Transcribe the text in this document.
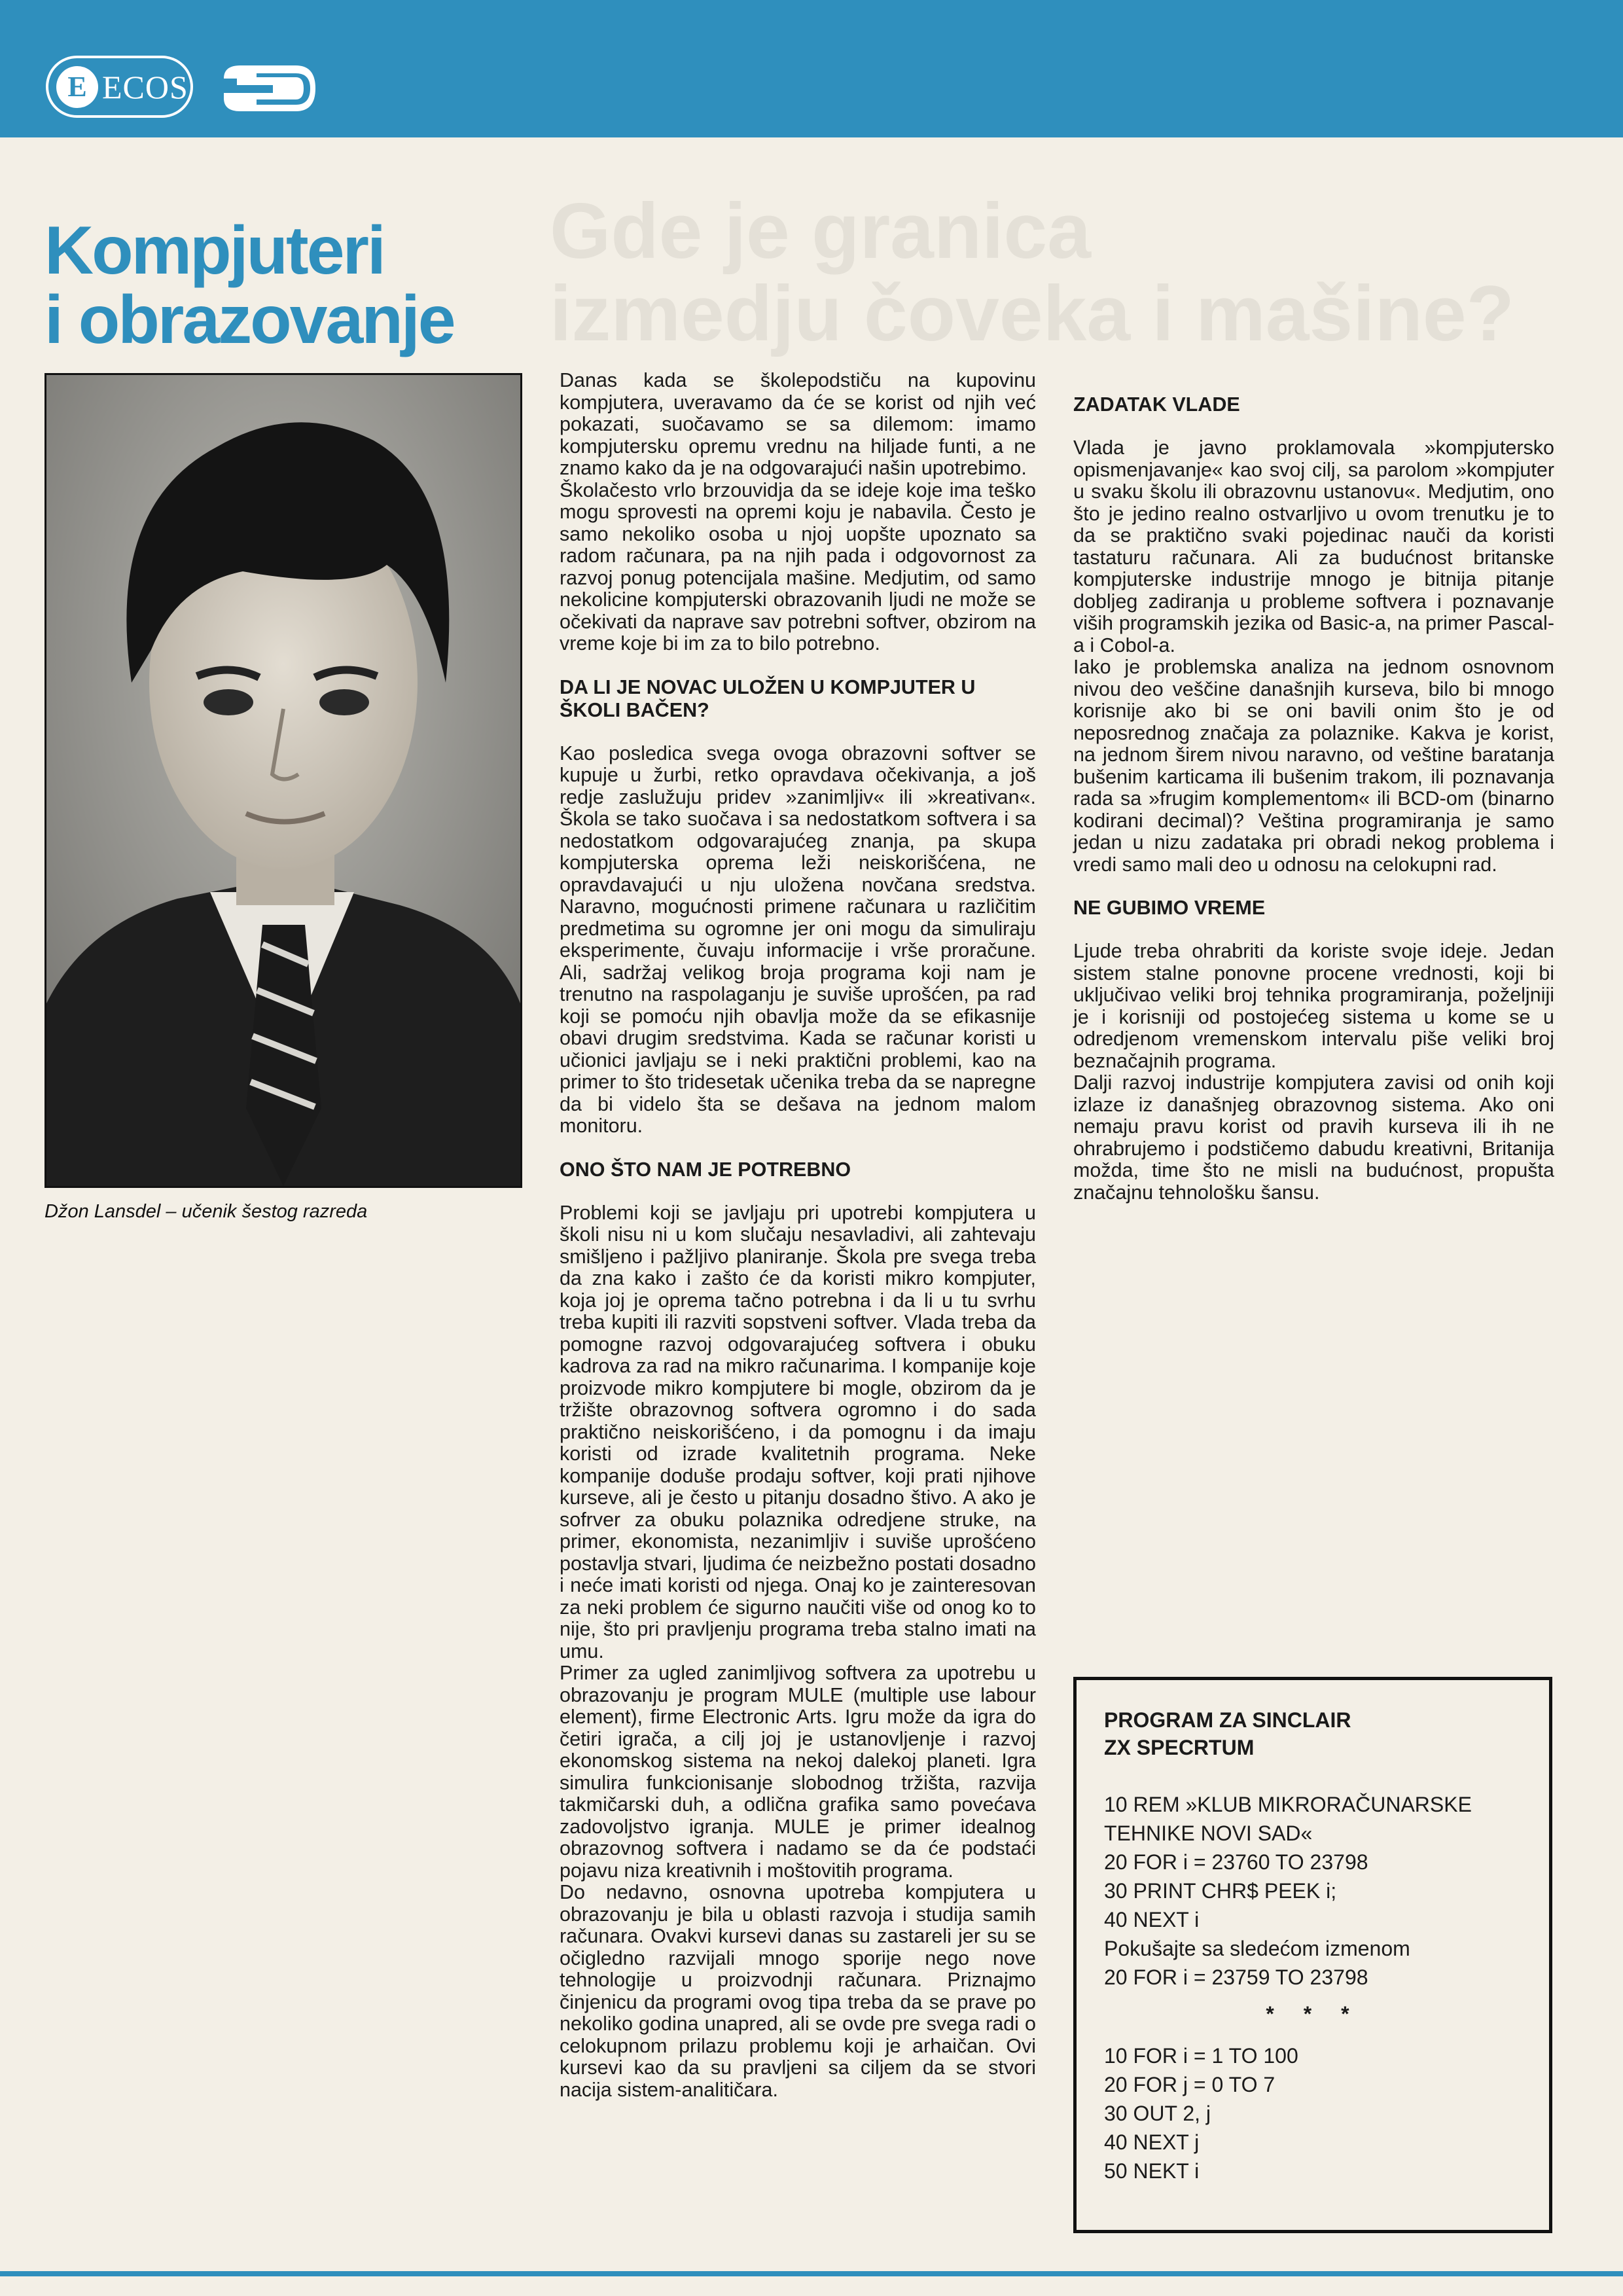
E ECOS
Gde je granica
izmedju čoveka i mašine?
Kompjuteri
i obrazovanje
Džon Lansdel – učenik šestog razreda

Danas kada se školepodstiču na kupovinu kompjutera, uveravamo da će se korist od njih već pokazati, suočavamo se sa dilemom: imamo kompjutersku opremu vrednu na hiljade funti, a ne znamo kako da je na odgovarajući našin upotrebimo.

Školačesto vrlo brzouvidja da se ideje koje ima teško mogu sprovesti na opremi koju je nabavila. Često je samo nekoliko osoba u njoj uopšte upoznato sa radom računara, pa na njih pada i odgovornost za razvoj ponug potencijala mašine. Medjutim, od samo nekolicine kompjuterski obrazovanih ljudi ne može se očekivati da naprave sav potrebni softver, obzirom na vreme koje bi im za to bilo potrebno.

DA LI JE NOVAC ULOŽEN U KOMPJUTER U ŠKOLI BAČEN?

Kao posledica svega ovoga obrazovni softver se kupuje u žurbi, retko opravdava očekivanja, a još redje zaslužuju pridev »zanimljiv« ili »kreativan«. Škola se tako suočava i sa nedostatkom softvera i sa nedostatkom odgovarajućeg znanja, pa skupa kompjuterska oprema leži neiskorišćena, ne opravdavajući u nju uložena novčana sredstva. Naravno, mogućnosti primene računara u različitim predmetima su ogromne jer oni mogu da simuliraju eksperimente, čuvaju informacije i vrše proračune. Ali, sadržaj velikog broja programa koji nam je trenutno na raspolaganju je suviše uprošćen, pa rad koji se pomoću njih obavlja može da se efikasnije obavi drugim sredstvima. Kada se računar koristi u učionici javljaju se i neki praktični problemi, kao na primer to što tridesetak učenika treba da se napregne da bi videlo šta se dešava na jednom malom monitoru.

ONO ŠTO NAM JE POTREBNO

Problemi koji se javljaju pri upotrebi kompjutera u školi nisu ni u kom slučaju nesavladivi, ali zahtevaju smišljeno i pažljivo planiranje. Škola pre svega treba da zna kako i zašto će da koristi mikro kompjuter, koja joj je oprema tačno potrebna i da li u tu svrhu treba kupiti ili razviti sopstveni softver. Vlada treba da pomogne razvoj odgovarajućeg softvera i obuku kadrova za rad na mikro računarima. I kompanije koje proizvode mikro kompjutere bi mogle, obzirom da je tržište obrazovnog softvera ogromno i do sada praktično neiskorišćeno, i da pomognu i da imaju koristi od izrade kvalitetnih programa. Neke kompanije doduše prodaju softver, koji prati njihove kurseve, ali je često u pitanju dosadno štivo. A ako je sofrver za obuku polaznika odredjene struke, na primer, ekonomista, nezanimljiv i suviše uprošćeno postavlja stvari, ljudima će neizbežno postati dosadno i neće imati koristi od njega. Onaj ko je zainteresovan za neki problem će sigurno naučiti više od onog ko to nije, što pri pravljenju programa treba stalno imati na umu.

Primer za ugled zanimljivog softvera za upotrebu u obrazovanju je program MULE (multiple use labour element), firme Electronic Arts. Igru može da igra do četiri igrača, a cilj joj je ustanovljenje i razvoj ekonomskog sistema na nekoj dalekoj planeti. Igra simulira funkcionisanje slobodnog tržišta, razvija takmičarski duh, a odlična grafika samo povećava zadovoljstvo igranja. MULE je primer idealnog obrazovnog softvera i nadamo se da će podstaći pojavu niza kreativnih i moštovitih programa.

Do nedavno, osnovna upotreba kompjutera u obrazovanju je bila u oblasti razvoja i studija samih računara. Ovakvi kursevi danas su zastareli jer su se očigledno razvijali mnogo sporije nego nove tehnologije u proizvodnji računara. Priznajmo činjenicu da programi ovog tipa treba da se prave po nekoliko godina unapred, ali se ovde pre svega radi o celokupnom prilazu problemu koji je arhaičan. Ovi kursevi kao da su pravljeni sa ciljem da se stvori nacija sistem-analitičara.

ZADATAK VLADE

Vlada je javno proklamovala »kompjutersko opismenjavanje« kao svoj cilj, sa parolom »kompjuter u svaku školu ili obrazovnu ustanovu«. Medjutim, ono što je jedino realno ostvarljivo u ovom trenutku je to da se praktično svaki pojedinac nauči da koristi tastaturu računara. Ali za budućnost britanske kompjuterske industrije mnogo je bitnija pitanje dobljeg zadiranja u probleme softvera i poznavanje viših programskih jezika od Basic-a, na primer Pascal-a i Cobol-a.

Iako je problemska analiza na jednom osnovnom nivou deo veščine današnjih kurseva, bilo bi mnogo korisnije ako bi se oni bavili onim što je od neposrednog značaja za polaznike. Kakva je korist, na jednom širem nivou naravno, od veštine baratanja bušenim karticama ili bušenim trakom, ili poznavanja rada sa »frugim komplementom« ili BCD-om (binarno kodirani decimal)? Veština programiranja je samo jedan u nizu zadataka pri obradi nekog problema i vredi samo mali deo u odnosu na celokupni rad.

NE GUBIMO VREME

Ljude treba ohrabriti da koriste svoje ideje. Jedan sistem stalne ponovne procene vrednosti, koji bi uključivao veliki broj tehnika programiranja, poželjniji je i korisniji od postojećeg sistema u kome se u odredjenom vremenskom intervalu piše veliki broj beznačajnih programa.

Dalji razvoj industrije kompjutera zavisi od onih koji izlaze iz današnjeg obrazovnog sistema. Ako oni nemaju pravu korist od pravih kurseva ili ih ne ohrabrujemo i podstičemo dabudu kreativni, Britanija možda, time što ne misli na budućnost, propušta značajnu tehnološku šansu.

PROGRAM ZA SINCLAIR
ZX SPECRTUM
10 REM »KLUB MIKRORAČUNARSKE TEHNIKE NOVI SAD«
20 FOR i = 23760 TO 23798
30 PRINT CHR$ PEEK i;
40 NEXT i
Pokušajte sa sledećom izmenom
20 FOR i = 23759 TO 23798
* * *
10 FOR i = 1 TO 100
20 FOR j = 0 TO 7
30 OUT 2, j
40 NEXT j
50 NEKT i
